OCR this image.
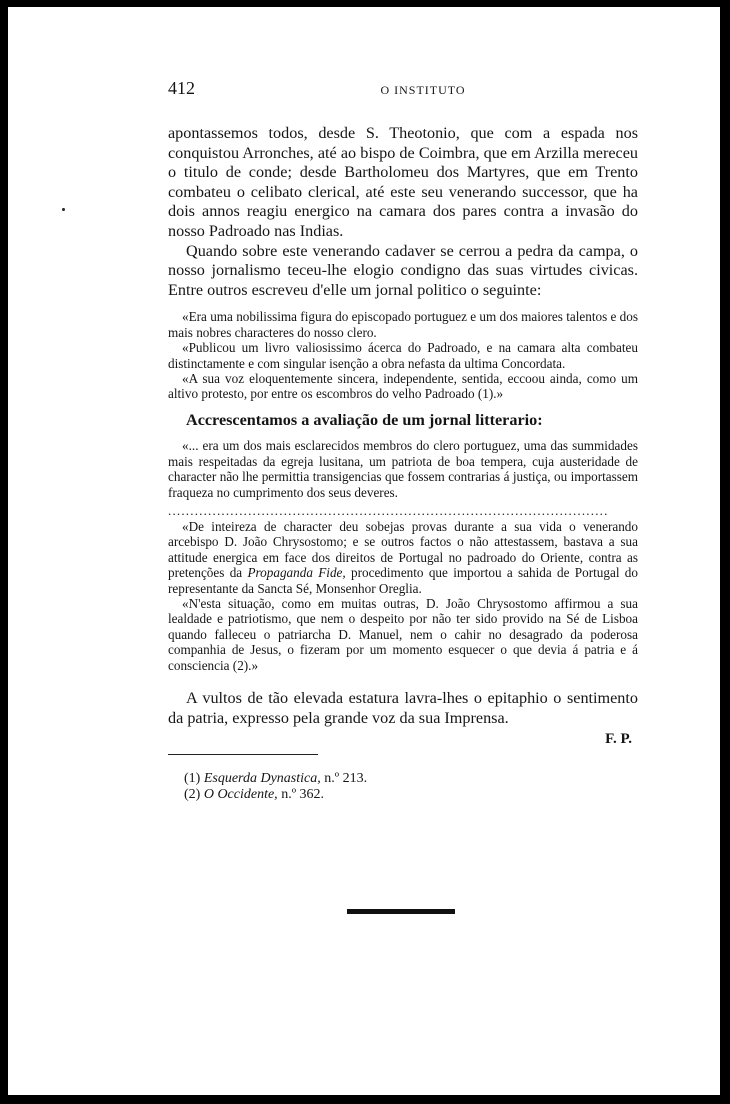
412	O INSTITUTO

apontassemos todos, desde S. Theotonio, que com a espada nos conquistou Arronches, até ao bispo de Coimbra, que em Arzilla mereceu o titulo de conde; desde Bartholomeu dos Martyres, que em Trento combateu o celibato clerical, até este seu venerando successor, que ha dois annos reagiu energico na camara dos pares contra a invasão do nosso Padroado nas Indias.

Quando sobre este venerando cadaver se cerrou a pedra da campa, o nosso jornalismo teceu-lhe elogio condigno das suas virtudes civicas. Entre outros escreveu d'elle um jornal politico o seguinte:

«Era uma nobilissima figura do episcopado portuguez e um dos maiores talentos e dos mais nobres characteres do nosso clero.

«Publicou um livro valiosissimo ácerca do Padroado, e na camara alta combateu distinctamente e com singular isenção a obra nefasta da ultima Concordata.

«A sua voz eloquentemente sincera, independente, sentida, eccoou ainda, como um altivo protesto, por entre os escombros do velho Padroado (1).»

Accrescentamos a avaliação de um jornal litterario:

«... era um dos mais esclarecidos membros do clero portuguez, uma das summidades mais respeitadas da egreja lusitana, um patriota de boa tempera, cuja austeridade de character não lhe permittia transigencias que fossem contrarias á justiça, ou importassem fraqueza no cumprimento dos seus deveres.

...................................................................................................

«De inteireza de character deu sobejas provas durante a sua vida o venerando arcebispo D. João Chrysostomo; e se outros factos o não attestassem, bastava a sua attitude energica em face dos direitos de Portugal no padroado do Oriente, contra as pretenções da Propaganda Fide, procedimento que importou a sahida de Portugal do representante da Sancta Sé, Monsenhor Oreglia.

«N'esta situação, como em muitas outras, D. João Chrysostomo affirmou a sua lealdade e patriotismo, que nem o despeito por não ter sido provido na Sé de Lisboa quando falleceu o patriarcha D. Manuel, nem o cahir no desagrado da poderosa companhia de Jesus, o fizeram por um momento esquecer o que devia á patria e á consciencia (2).»

A vultos de tão elevada estatura lavra-lhes o epitaphio o sentimento da patria, expresso pela grande voz da sua Imprensa.

F. P.

(1) Esquerda Dynastica, n.º 213.

(2) O Occidente, n.º 362.
